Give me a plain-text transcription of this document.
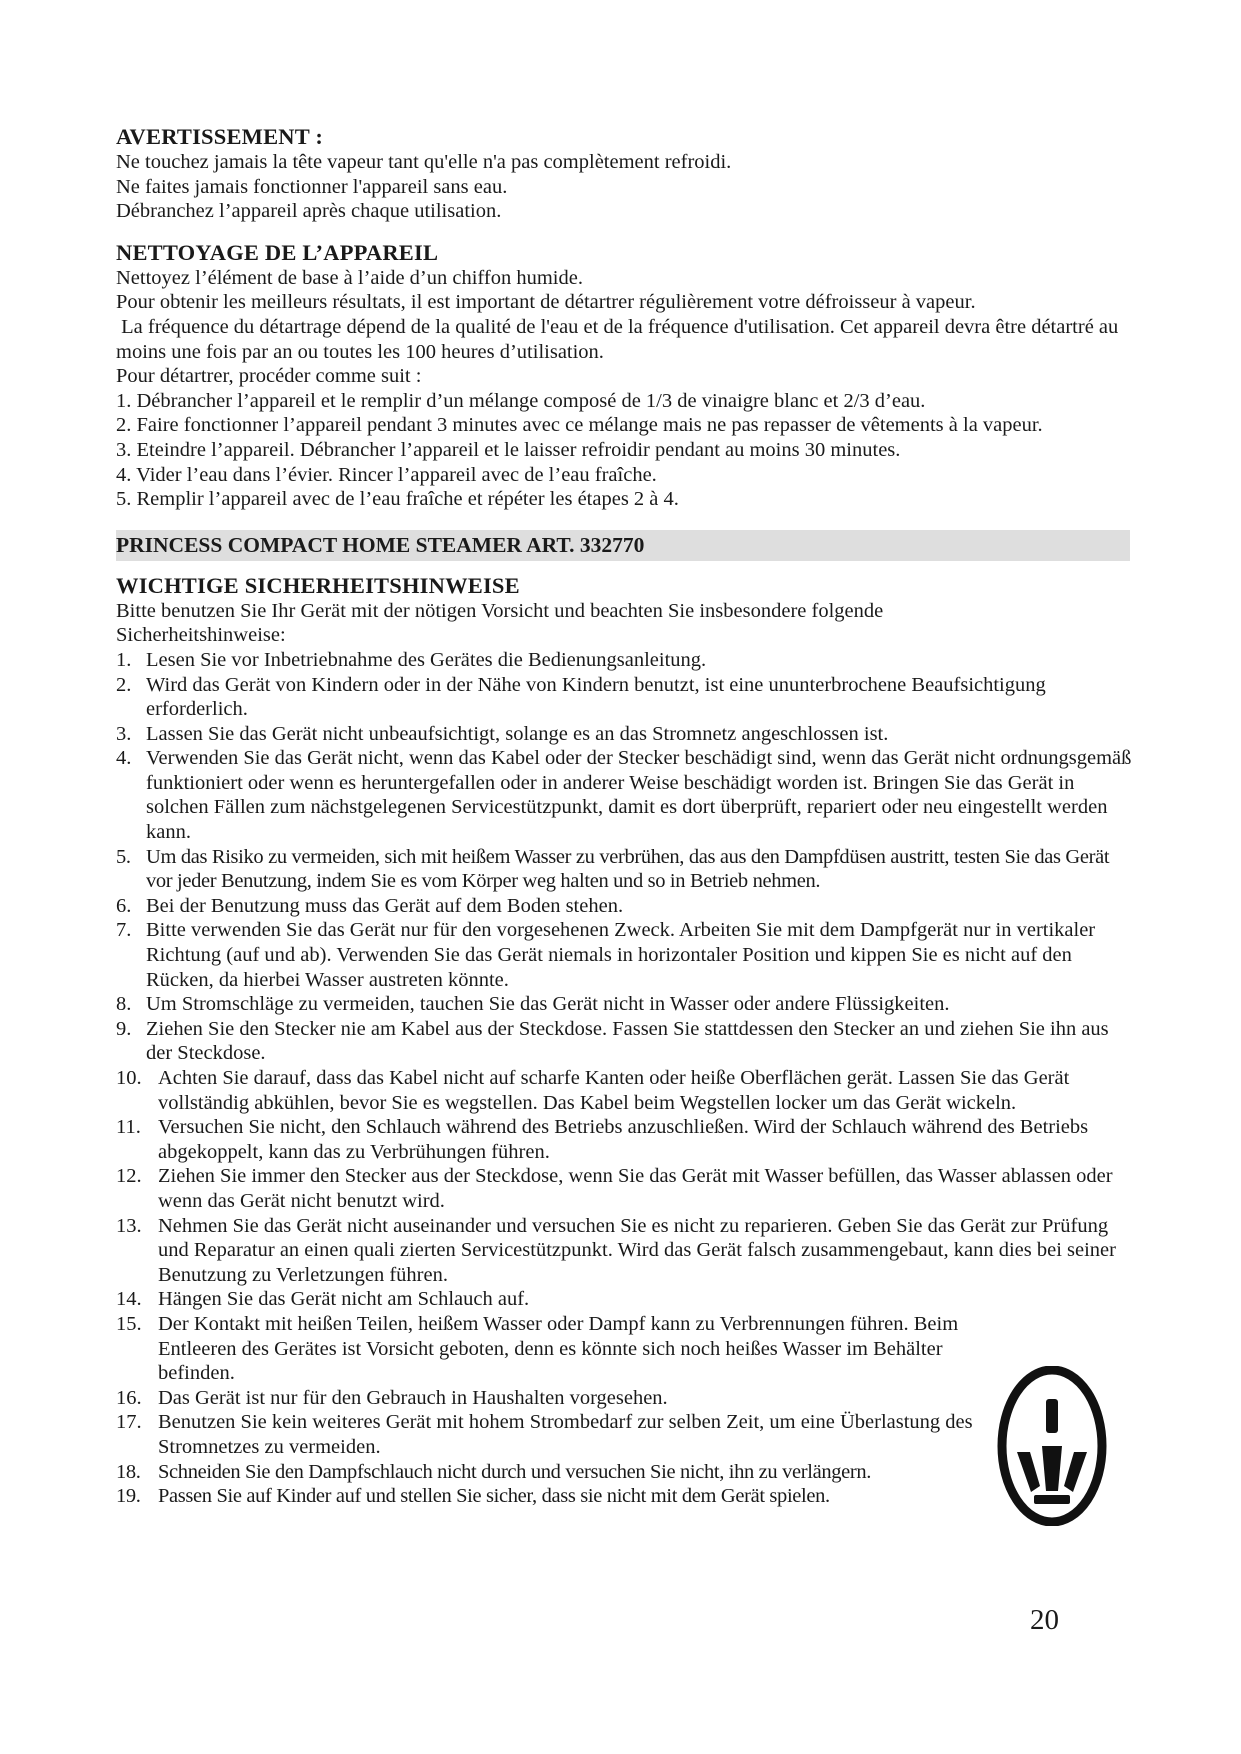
AVERTISSEMENT :

Ne touchez jamais la tête vapeur tant qu'elle n'a pas complètement refroidi.

Ne faites jamais fonctionner l'appareil sans eau.

Débranchez l’appareil après chaque utilisation.

NETTOYAGE DE L’APPAREIL

Nettoyez l’élément de base à l’aide d’un chiffon humide.

Pour obtenir les meilleurs résultats, il est important de détartrer régulièrement votre défroisseur à vapeur.

La fréquence du détartrage dépend de la qualité de l'eau et de la fréquence d'utilisation. Cet appareil devra être détartré au moins une fois par an ou toutes les 100 heures d’utilisation.

Pour détartrer, procéder comme suit :

1. Débrancher l’appareil et le remplir d’un mélange composé de 1/3 de vinaigre blanc et 2/3 d’eau.
2. Faire fonctionner l’appareil pendant 3 minutes avec ce mélange mais ne pas repasser de vêtements à la vapeur.
3. Eteindre l’appareil. Débrancher l’appareil et le laisser refroidir pendant au moins 30 minutes.
4. Vider l’eau dans l’évier. Rincer l’appareil avec de l’eau fraîche.
5. Remplir l’appareil avec de l’eau fraîche et répéter les étapes 2 à 4.
PRINCESS COMPACT HOME STEAMER ART. 332770
WICHTIGE SICHERHEITSHINWEISE

Bitte benutzen Sie Ihr Gerät mit der nötigen Vorsicht und beachten Sie insbesondere folgende Sicherheitshinweise:

1. Lesen Sie vor Inbetriebnahme des Gerätes die Bedienungsanleitung.
2. Wird das Gerät von Kindern oder in der Nähe von Kindern benutzt, ist eine ununterbrochene Beaufsichtigung erforderlich.
3. Lassen Sie das Gerät nicht unbeaufsichtigt, solange es an das Stromnetz angeschlossen ist.
4. Verwenden Sie das Gerät nicht, wenn das Kabel oder der Stecker beschädigt sind, wenn das Gerät nicht ordnungsgemäß funktioniert oder wenn es heruntergefallen oder in anderer Weise beschädigt worden ist. Bringen Sie das Gerät in solchen Fällen zum nächstgelegenen Servicestützpunkt, damit es dort überprüft, repariert oder neu eingestellt werden kann.
5. Um das Risiko zu vermeiden, sich mit heißem Wasser zu verbrühen, das aus den Dampfdüsen austritt, testen Sie das Gerät vor jeder Benutzung, indem Sie es vom Körper weg halten und so in Betrieb nehmen.
6. Bei der Benutzung muss das Gerät auf dem Boden stehen.
7. Bitte verwenden Sie das Gerät nur für den vorgesehenen Zweck. Arbeiten Sie mit dem Dampfgerät nur in vertikaler Richtung (auf und ab). Verwenden Sie das Gerät niemals in horizontaler Position und kippen Sie es nicht auf den Rücken, da hierbei Wasser austreten könnte.
8. Um Stromschläge zu vermeiden, tauchen Sie das Gerät nicht in Wasser oder andere Flüssigkeiten.
9. Ziehen Sie den Stecker nie am Kabel aus der Steckdose. Fassen Sie stattdessen den Stecker an und ziehen Sie ihn aus der Steckdose.
10. Achten Sie darauf, dass das Kabel nicht auf scharfe Kanten oder heiße Oberflächen gerät. Lassen Sie das Gerät vollständig abkühlen, bevor Sie es wegstellen. Das Kabel beim Wegstellen locker um das Gerät wickeln.
11. Versuchen Sie nicht, den Schlauch während des Betriebs anzuschließen. Wird der Schlauch während des Betriebs abgekoppelt, kann das zu Verbrühungen führen.
12. Ziehen Sie immer den Stecker aus der Steckdose, wenn Sie das Gerät mit Wasser befüllen, das Wasser ablassen oder wenn das Gerät nicht benutzt wird.
13. Nehmen Sie das Gerät nicht auseinander und versuchen Sie es nicht zu reparieren. Geben Sie das Gerät zur Prüfung und Reparatur an einen quali zierten Servicestützpunkt. Wird das Gerät falsch zusammengebaut, kann dies bei seiner Benutzung zu Verletzungen führen.
14. Hängen Sie das Gerät nicht am Schlauch auf.
15. Der Kontakt mit heißen Teilen, heißem Wasser oder Dampf kann zu Verbrennungen führen. Beim Entleeren des Gerätes ist Vorsicht geboten, denn es könnte sich noch heißes Wasser im Behälter befinden.
16. Das Gerät ist nur für den Gebrauch in Haushalten vorgesehen.
17. Benutzen Sie kein weiteres Gerät mit hohem Strombedarf zur selben Zeit, um eine Überlastung des Stromnetzes zu vermeiden.
18. Schneiden Sie den Dampfschlauch nicht durch und versuchen Sie nicht, ihn zu verlängern.
19. Passen Sie auf Kinder auf und stellen Sie sicher, dass sie nicht mit dem Gerät spielen.
20
